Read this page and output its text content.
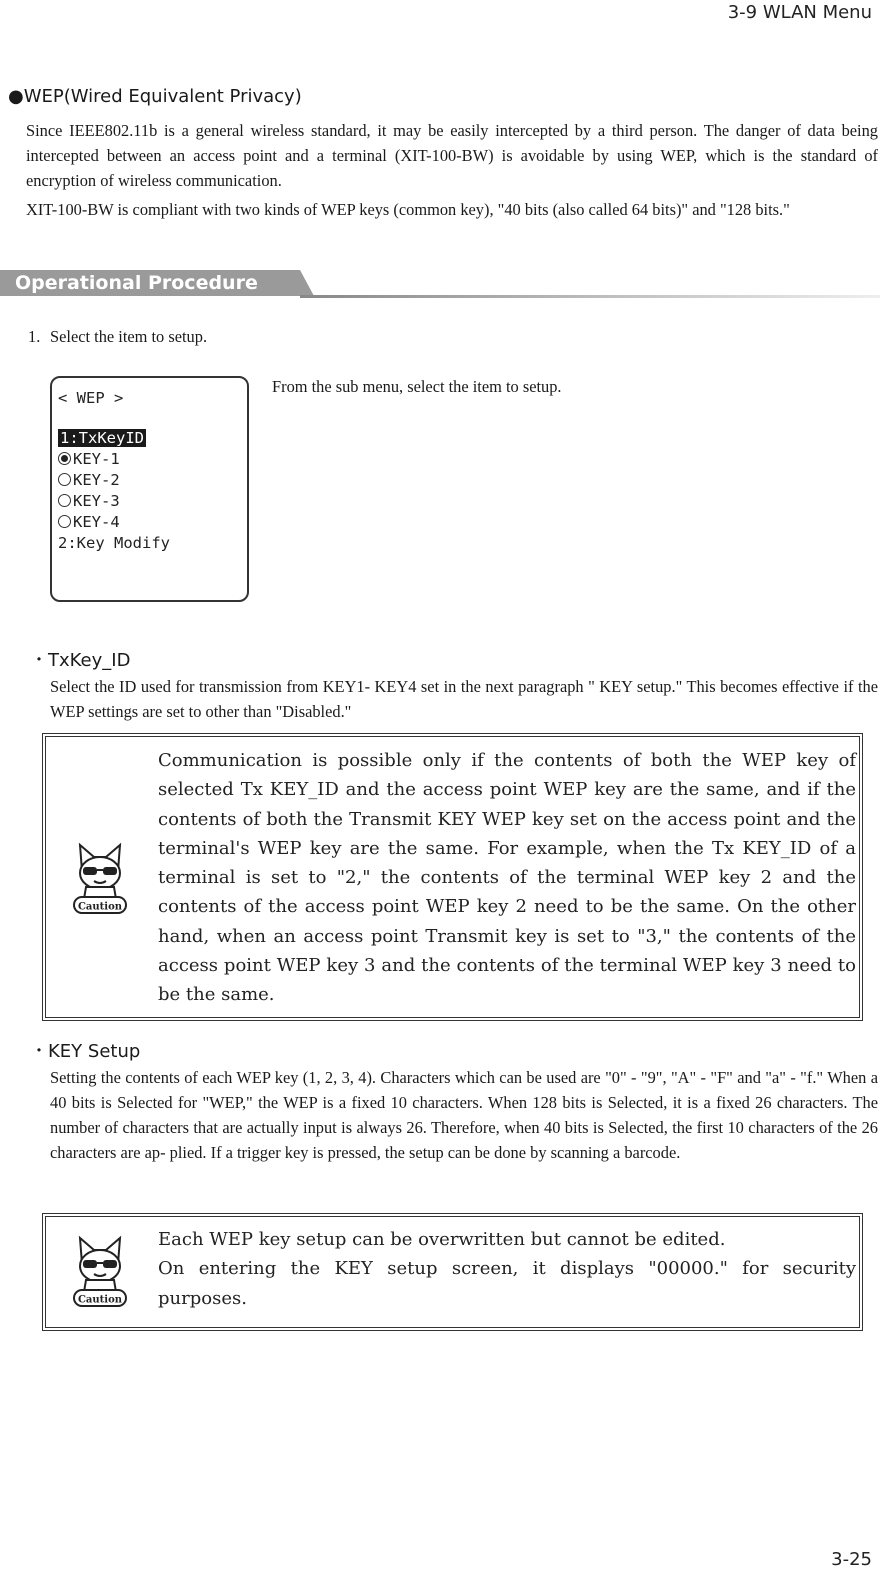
3-9 WLAN Menu
3-25
●WEP(Wired Equivalent Privacy)
Since IEEE802.11b is a general wireless standard, it may be easily intercepted by a third person. The danger of data being intercepted between an access point and a terminal (XIT-100-BW) is avoidable by using WEP, which is the standard of encryption of wireless communication.
XIT-100-BW is compliant with two kinds of WEP keys (common key), "40 bits (also called 64 bits)" and "128 bits."
Operational Procedure
1. Select the item to setup.
< WEP >
1:TxKeyID
KEY-1
KEY-2
KEY-3
KEY-4
2:Key Modify
From the sub menu, select the item to setup.
・TxKey_ID
Select the ID used for transmission from KEY1- KEY4 set in the next paragraph " KEY setup." This becomes effective if the WEP settings are set to other than "Disabled."
Caution
Communication is possible only if the contents of both the WEP key of selected Tx KEY_ID and the access point WEP key are the same, and if the contents of both the Transmit KEY WEP key set on the access point and the terminal's WEP key are the same. For example, when the Tx KEY_ID of a terminal is set to "2," the contents of the terminal WEP key 2 and the contents of the access point WEP key 2 need to be the same. On the other hand, when an access point Transmit key is set to "3," the contents of the access point WEP key 3 and the contents of the terminal WEP key 3 need to be the same.
・KEY Setup
Setting the contents of each WEP key (1, 2, 3, 4). Characters which can be used are "0" - "9", "A" - "F" and "a" - "f." When a 40 bits is Selected for "WEP," the WEP is a fixed 10 characters. When 128 bits is Selected, it is a fixed 26 characters. The number of characters that are actually input is always 26. Therefore, when 40 bits is Selected, the first 10 characters of the 26 characters are ap- plied. If a trigger key is pressed, the setup can be done by scanning a barcode.
Caution
Each WEP key setup can be overwritten but cannot be edited.
On entering the KEY setup screen, it displays "00000." for security purposes.
